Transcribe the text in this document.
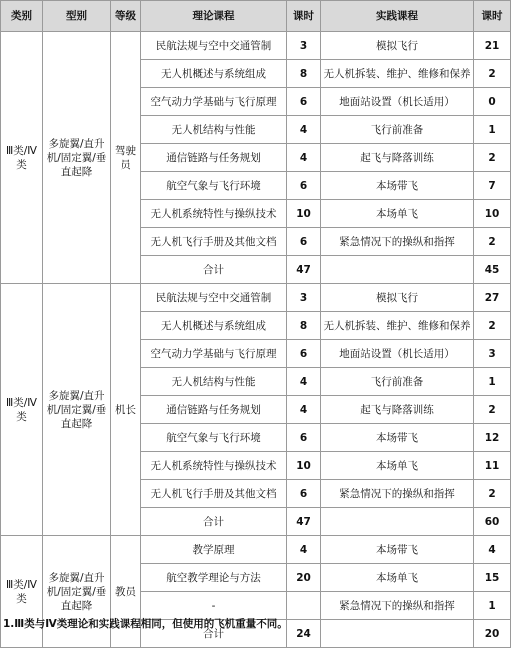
类别	型别	等级	理论课程	课时	实践课程	课时
Ⅲ类/Ⅳ类	多旋翼/直升机/固定翼/垂直起降	驾驶员	民航法规与空中交通管制	3	模拟飞行	21
			无人机概述与系统组成	8	无人机拆装、维护、维修和保养	2
			空气动力学基础与飞行原理	6	地面站设置（机长适用）	0
			无人机结构与性能	4	飞行前准备	1
			通信链路与任务规划	4	起飞与降落训练	2
			航空气象与飞行环境	6	本场带飞	7
			无人机系统特性与操纵技术	10	本场单飞	10
			无人机飞行手册及其他文档	6	紧急情况下的操纵和指挥	2
			合计	47		45
Ⅲ类/Ⅳ类	多旋翼/直升机/固定翼/垂直起降	机长	民航法规与空中交通管制	3	模拟飞行	27
			无人机概述与系统组成	8	无人机拆装、维护、维修和保养	2
			空气动力学基础与飞行原理	6	地面站设置（机长适用）	3
			无人机结构与性能	4	飞行前准备	1
			通信链路与任务规划	4	起飞与降落训练	2
			航空气象与飞行环境	6	本场带飞	12
			无人机系统特性与操纵技术	10	本场单飞	11
			无人机飞行手册及其他文档	6	紧急情况下的操纵和指挥	2
			合计	47		60
Ⅲ类/Ⅳ类	多旋翼/直升机/固定翼/垂直起降	教员	教学原理	4	本场带飞	4
			航空教学理论与方法	20	本场单飞	15
			-		紧急情况下的操纵和指挥	1
			合计	24		20
1.Ⅲ类与Ⅳ类理论和实践课程相同，但使用的飞机重量不同。
